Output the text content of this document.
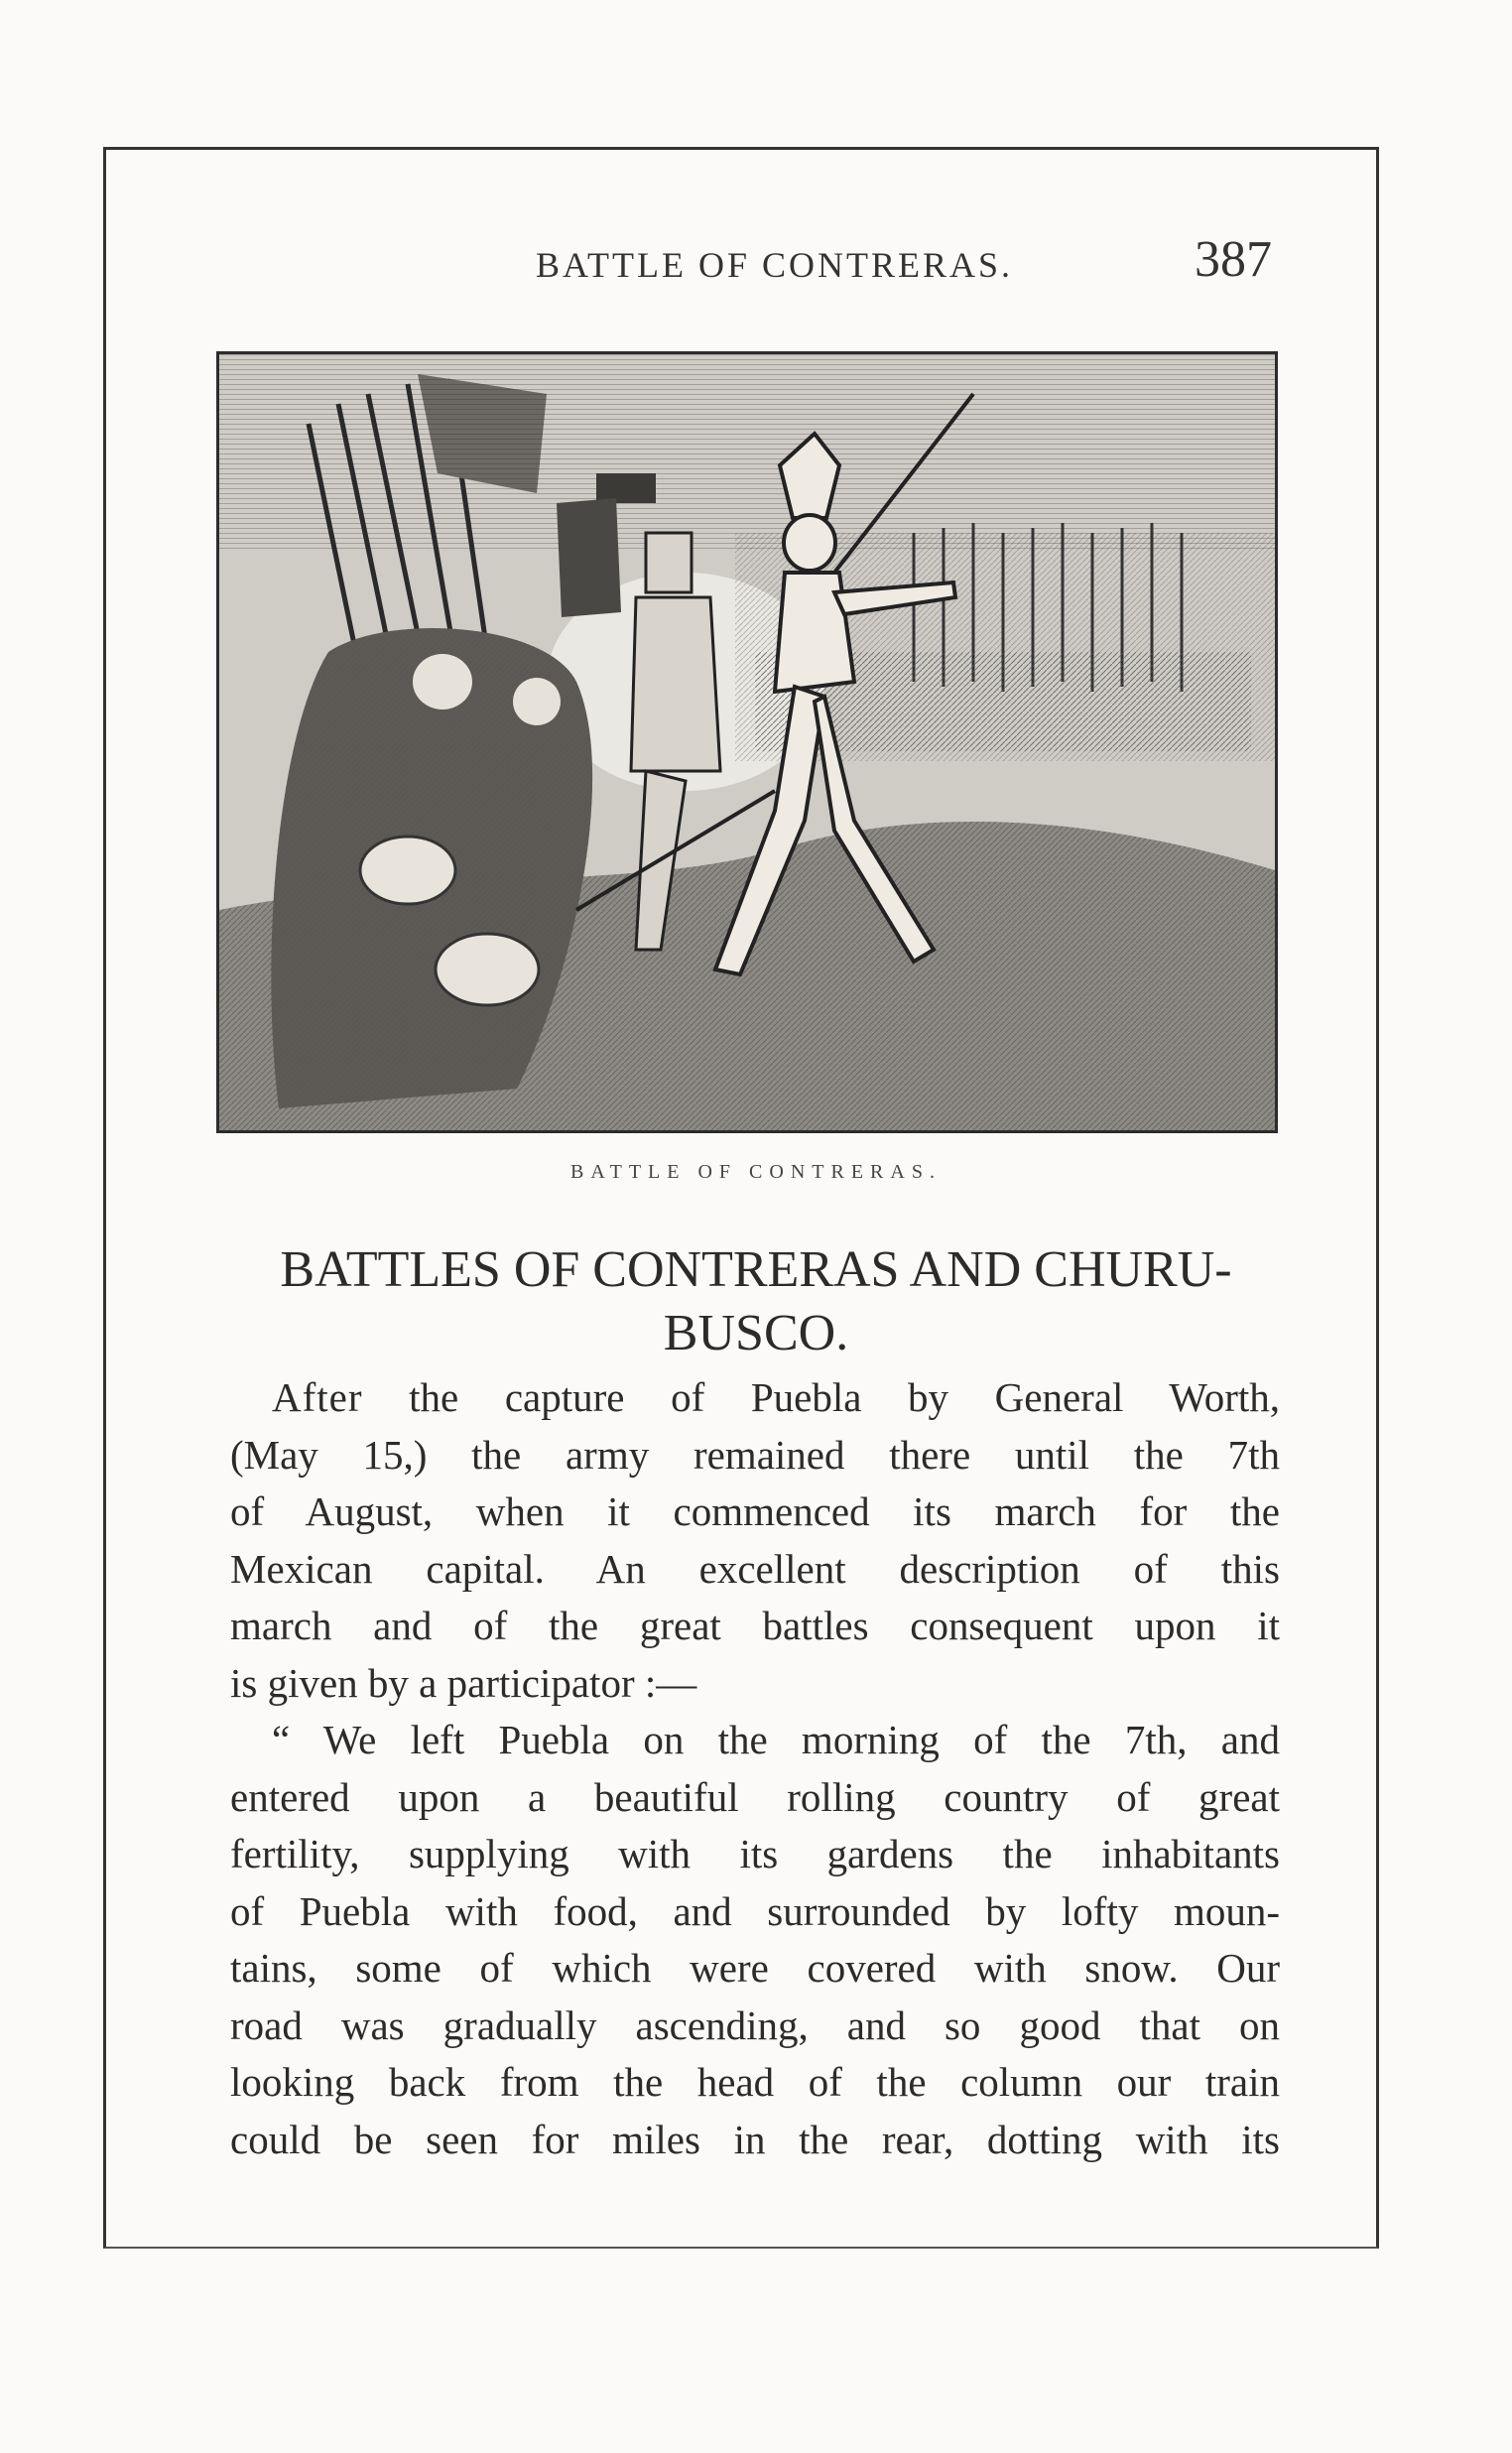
BATTLE OF CONTRERAS.	387
BATTLE OF CONTRERAS.
BATTLES OF CONTRERAS AND CHURU-
BUSCO.
After the capture of Puebla by General Worth,
(May 15,) the army remained there until the 7th
of August, when it commenced its march for the
Mexican capital. An excellent description of this
march and of the great battles consequent upon it
is given by a participator :—
“ We left Puebla on the morning of the 7th, and
entered upon a beautiful rolling country of great
fertility, supplying with its gardens the inhabitants
of Puebla with food, and surrounded by lofty moun-
tains, some of which were covered with snow. Our
road was gradually ascending, and so good that on
looking back from the head of the column our train
could be seen for miles in the rear, dotting with its
